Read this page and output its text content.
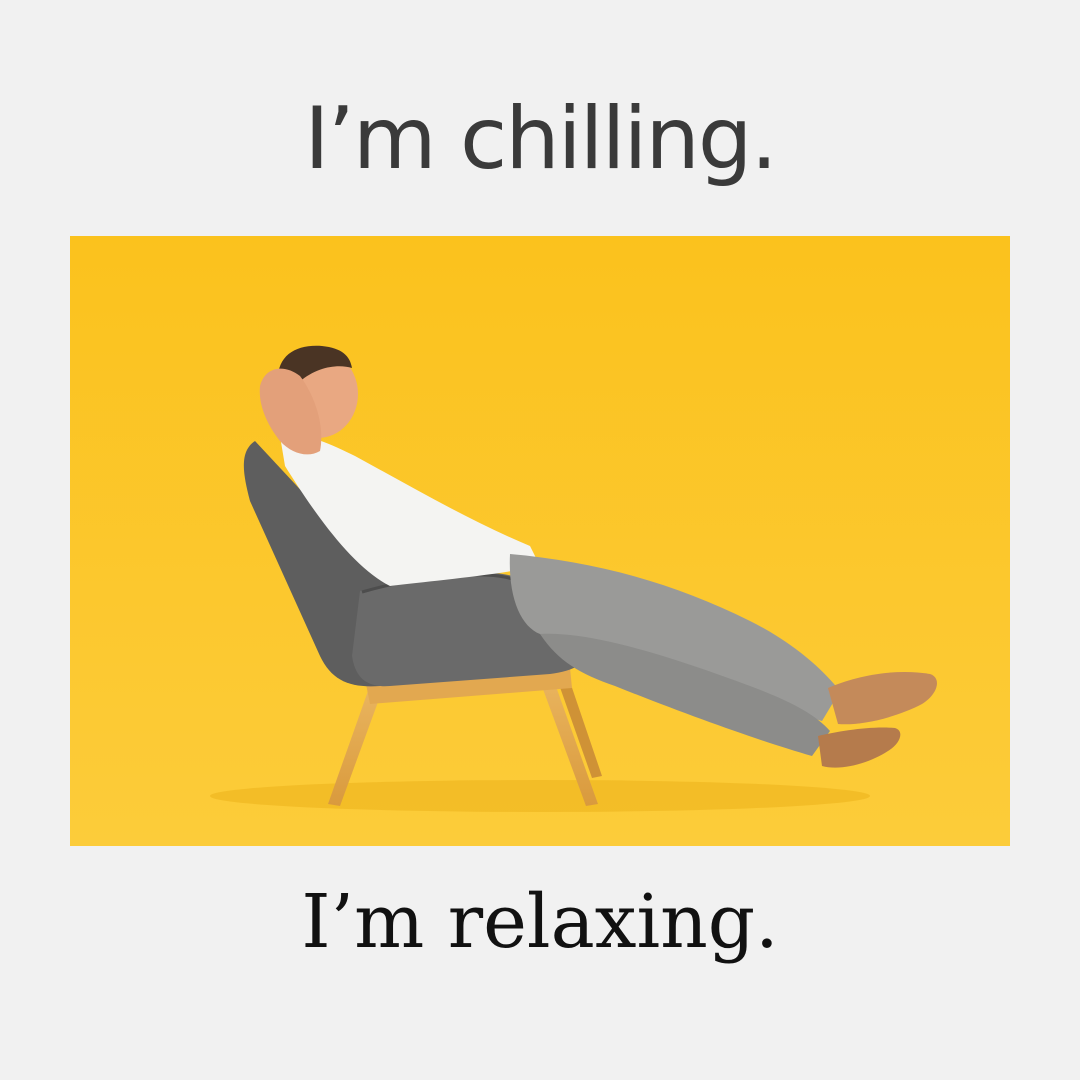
I’m chilling.
I’m relaxing.
